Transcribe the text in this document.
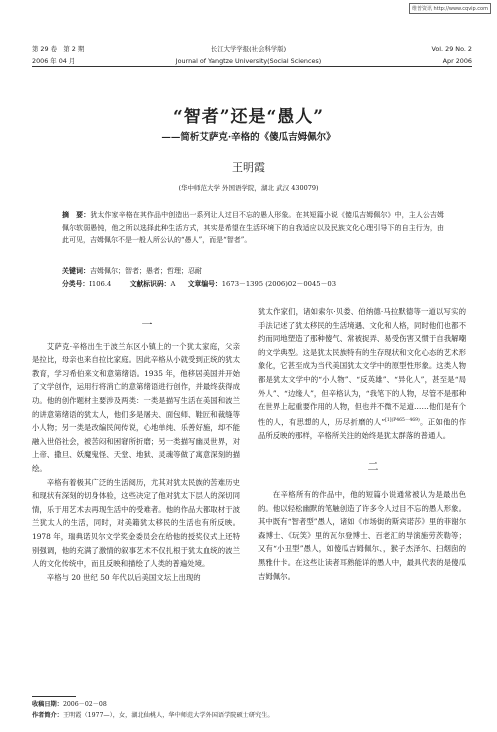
维普资讯 http://www.cqvip.com
第 29 卷　第 2 期
2006 年 04 月
长江大学学报(社会科学版)
Journal of Yangtze University(Social Sciences)
Vol. 29 No. 2
Apr 2006
“智者”还是“愚人”
——简析艾萨克·辛格的《傻瓜吉姆佩尔》
王明霞
(华中师范大学 外国语学院，湖北 武汉 430079)
摘　要：犹太作家辛格在其作品中创造出一系列让人过目不忘的愚人形象。在其短篇小说《傻瓜吉姆佩尔》中，主人公吉姆佩尔软弱愚钝，他之所以选择此种生活方式，其实是希望在生活环境下的自我适应以及民族文化心理引导下的自主行为，由此可见，吉姆佩尔不是一般人所公认的“愚人”，而是“智者”。
关键词：吉姆佩尔；智者；愚者；哲理；忍耐
分类号：I106.4	文献标识码：A 文章编号：1673－1395 (2006)02－0045－03

一

艾萨克·辛格出生于波兰东区小镇上的一个犹太家庭，父亲是拉比，母亲也来自拉比家庭。因此辛格从小就受到正统的犹太教育，学习希伯来文和意第绪语。1935 年，他移居美国并开始了文学创作，运用行将消亡的意第绪语进行创作，并最终获得成功。他的创作题材主要涉及两类：一类是描写生活在美国和波兰的讲意第绪语的犹太人，他们多是屠夫、面包师、鞋匠和裁缝等小人物；另一类是改编民间传说，心地单纯、乐善好施，却不能融入世俗社会，被苦闷和困窘所折磨；另一类描写幽灵世界，对上帝、撒旦、妖魔鬼怪、天堂、地狱、灵魂等做了寓意深刻的描绘。

辛格有着极其广泛的生活阅历，尤其对犹太民族的苦难历史和现状有深刻的切身体验，这些决定了他对犹太下层人的深切同情，乐于用艺术去再现生活中的受难者。他的作品大都取材于波兰犹太人的生活，同时，对美籍犹太移民的生活也有所反映。1978 年，瑞典诺贝尔文学奖金委员会在给他的授奖仪式上还特别强调，他的充满了激情的叙事艺术不仅扎根于犹太血统的波兰人的文化传统中，而且反映和描绘了人类的普遍处境。

辛格与 20 世纪 50 年代以后美国文坛上出现的

犹太作家们，诸如索尔·贝娄、伯纳德·马拉默德等一道以写实的手法记述了犹太移民的生活境遇、文化和人格，同时他们也都不约而同地塑造了那种傻气、常被捉弄、易受伤害又惯于自我解嘲的文学典型。这是犹太民族特有的生存现状和文化心态的艺术形象化，它甚至成为当代美国犹太文学中的原型性形象。这类人物都是犹太文学中的“小人物”、“反英雄”、“异化人”，甚至是“局外人”、“边缘人”，但辛格认为，“我笔下的人物，尽管不是那种在世界上起重要作用的人物，但也并不微不足道……他们是有个性的人，有思想的人，历尽折磨的人”$^{[1](P465-469)}$。正如他的作品所反映的那样，辛格所关注的始终是犹太群落的普通人。

二

在辛格所有的作品中，他的短篇小说通常被认为是最出色的。他以轻松幽默的笔触创造了许多令人过目不忘的愚人形象。其中既有“智者型”愚人，诸如《市场街的斯宾诺莎》里的菲谢尔森博士、《玩笑》里的瓦尔登博士、百老汇的导演施劳茨勒等；又有“小丑型”愚人，如傻瓜吉姆佩尔、，猴子杰泽尔、扫烟囱的黑雅什卡。在这些让读者耳熟能详的愚人中，最具代表的是傻瓜吉姆佩尔。

收稿日期：2006－02－08
作者简介：王明霞（1977—），女，湖北仙桃人，华中师范大学外国语学院硕士研究生。
